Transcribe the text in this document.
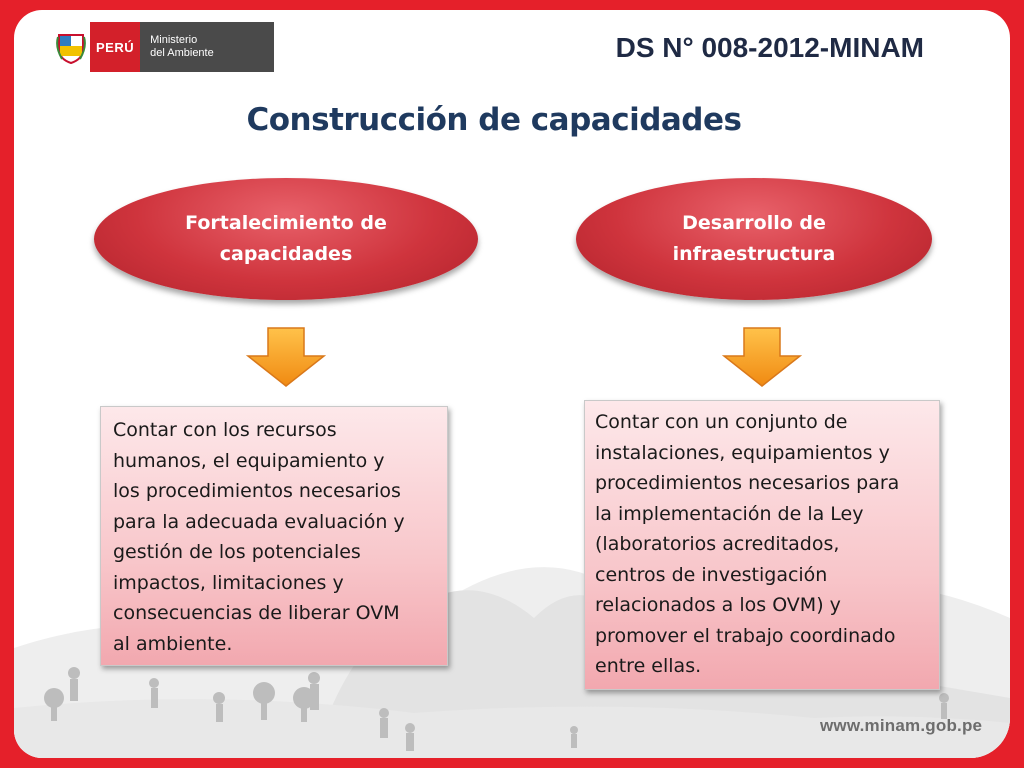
PERÚ	Ministerio
del Ambiente	DS N° 008-2012-MINAM
Construcción de capacidades
Fortalecimiento de capacidades
Desarrollo de infraestructura

Contar con los recursos
humanos, el equipamiento y
los procedimientos necesarios
para la adecuada evaluación y
gestión de los potenciales
impactos, limitaciones y
consecuencias de liberar OVM
al ambiente.

Contar con un conjunto de
instalaciones, equipamientos y
procedimientos necesarios para
la implementación de la Ley
(laboratorios acreditados,
centros de investigación
relacionados a los OVM) y
promover el trabajo coordinado
entre ellas.

www.minam.gob.pe
